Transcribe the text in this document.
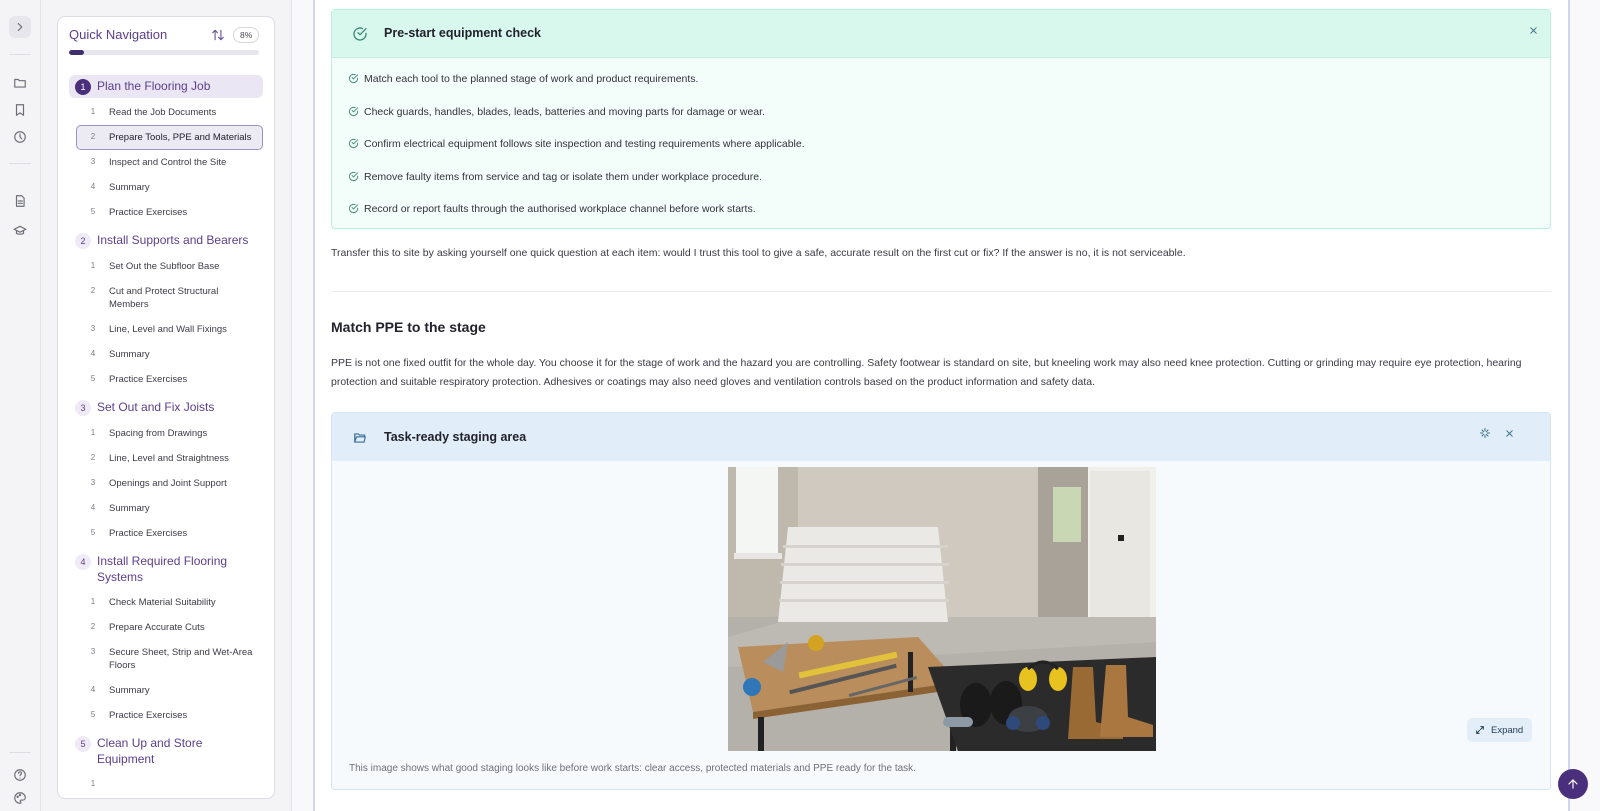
Quick Navigation	8%
1 Plan the Flooring Job
1	Read the Job Documents
2	Prepare Tools, PPE and Materials
3	Inspect and Control the Site
4	Summary
5	Practice Exercises
2 Install Supports and Bearers
1	Set Out the Subfloor Base
2	Cut and Protect Structural Members
3	Line, Level and Wall Fixings
4	Summary
5	Practice Exercises
3 Set Out and Fix Joists
1	Spacing from Drawings
2	Line, Level and Straightness
3	Openings and Joint Support
4	Summary
5	Practice Exercises
4 Install Required Flooring Systems
1	Check Material Suitability
2	Prepare Accurate Cuts
3	Secure Sheet, Strip and Wet-Area Floors
4	Summary
5	Practice Exercises
5 Clean Up and Store Equipment
1
Pre-start equipment check
Match each tool to the planned stage of work and product requirements.
Check guards, handles, blades, leads, batteries and moving parts for damage or wear.
Confirm electrical equipment follows site inspection and testing requirements where applicable.
Remove faulty items from service and tag or isolate them under workplace procedure.
Record or report faults through the authorised workplace channel before work starts.
Transfer this to site by asking yourself one quick question at each item: would I trust this tool to give a safe, accurate result on the first cut or fix? If the answer is no, it is not serviceable.
Match PPE to the stage
PPE is not one fixed outfit for the whole day. You choose it for the stage of work and the hazard you are controlling. Safety footwear is standard on site, but kneeling work may also need knee protection. Cutting or grinding may require eye protection, hearing protection and suitable respiratory protection. Adhesives or coatings may also need gloves and ventilation controls based on the product information and safety data.
Task-ready staging area
Expand
This image shows what good staging looks like before work starts: clear access, protected materials and PPE ready for the task.
